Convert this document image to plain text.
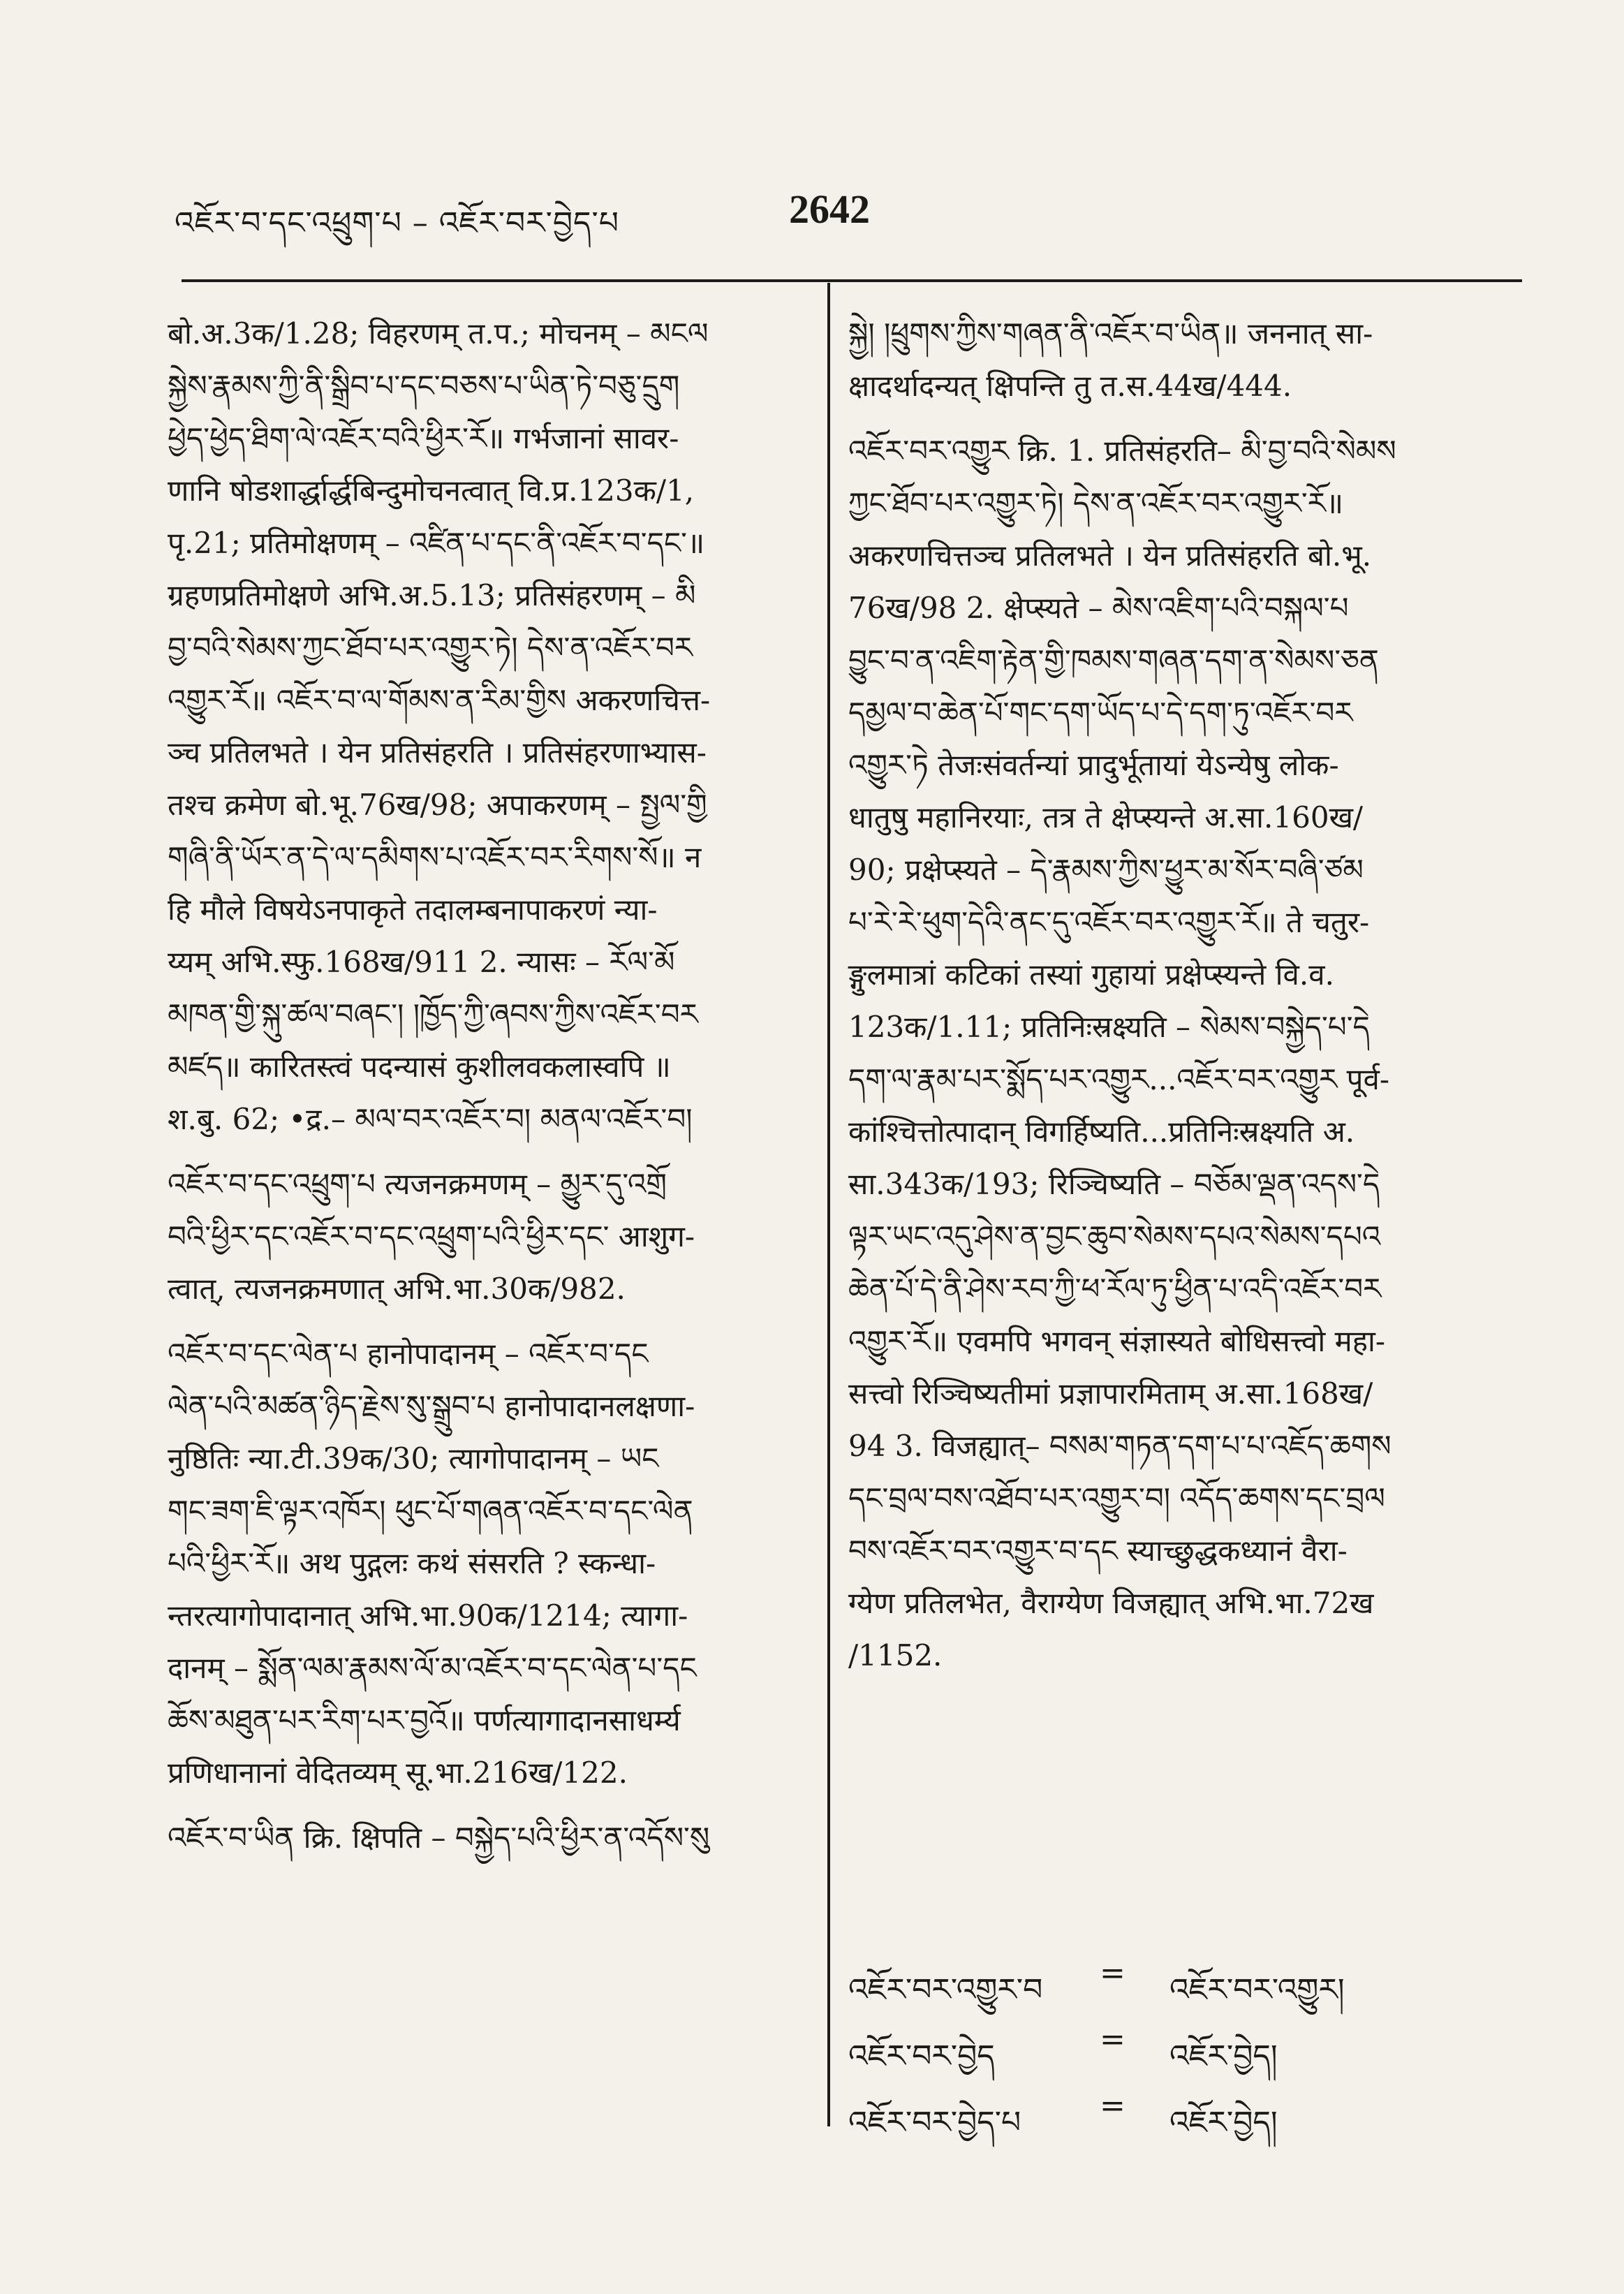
འཇོར་བ་དང་འཕྲུག་པ – འཇོར་བར་བྱེད་པ	2642

बो.अ.3क/1.28; विहरणम् त.प.; मोचनम् – མངལ

སྐྱེས་རྣམས་ཀྱི་ནི་སྒྲིབ་པ་དང་བཅས་པ་ཡིན་ཏེ་བཅུ་དྲུག

ཕྱེད་ཕྱེད་ཐིག་ལེ་འཇོར་བའི་ཕྱིར་རོ॥ गर्भजानां सावर-

णानि षोडशार्द्धार्द्धबिन्दुमोचनत्वात् वि.प्र.123क/1,

पृ.21; प्रतिमोक्षणम् – འཛིན་པ་དང་ནི་འཇོར་བ་དང་॥

ग्रहणप्रतिमोक्षणे अभि.अ.5.13; प्रतिसंहरणम् – མི

བྱ་བའི་སེམས་ཀྱང་ཐོབ་པར་འགྱུར་ཏེ། དེས་ན་འཇོར་བར

འགྱུར་རོ॥ འཇོར་བ་ལ་གོམས་ན་རིམ་གྱིས अकरणचित्त-

ञ्च प्रतिलभते । येन प्रतिसंहरति । प्रतिसंहरणाभ्यास-

तश्च क्रमेण बो.भू.76ख/98; अपाकरणम् – སྤྱལ་གྱི

གཞི་ནི་ཡོར་ན་དེ་ལ་དམིགས་པ་འཇོར་བར་རིགས་སོ॥ न

हि मौले विषयेऽनपाकृते तदालम्बनापाकरणं न्या-

य्यम् अभि.स्फु.168ख/911 2. न्यासः – རོལ་མོ

མཁན་གྱི་སྐུ་ཚལ་བཞང་། །ཁྱོད་ཀྱི་ཞབས་ཀྱིས་འཇོར་བར

མཛད॥ कारितस्त्वं पदन्यासं कुशीलवकलास्वपि ॥

श.बु. 62; •द्र.– མལ་བར་འཇོར་བ། མནལ་འཇོར་བ།

འཇོར་བ་དང་འཕྲུག་པ त्यजनक्रमणम् – མྱུར་དུ་འགྲོ

བའི་ཕྱིར་དང་འཇོར་བ་དང་འཕྲུག་པའི་ཕྱིར་དང་ आशुग-

त्वात्, त्यजनक्रमणात् अभि.भा.30क/982.

འཇོར་བ་དང་ལེན་པ हानोपादानम् – འཇོར་བ་དང

ལེན་པའི་མཚན་ཉིད་རྗེས་སུ་སྒྲུབ་པ हानोपादानलक्षणा-

नुष्ठितिः न्या.टी.39क/30; त्यागोपादानम् – ཡང

གང་ཟག་ཇི་ལྟར་འཁོར། ཕུང་པོ་གཞན་འཇོར་བ་དང་ལེན

པའི་ཕྱིར་རོ॥ अथ पुद्गलः कथं संसरति ? स्कन्धा-

न्तरत्यागोपादानात् अभि.भा.90क/1214; त्यागा-

दानम् – སྨོན་ལམ་རྣམས་ལོ་མ་འཇོར་བ་དང་ལེན་པ་དང

ཆོས་མཐུན་པར་རིག་པར་བྱའོ॥ पर्णत्यागादानसाधर्म्य

प्रणिधानानां वेदितव्यम् सू.भा.216ख/122.

འཇོར་བ་ཡིན क्रि. क्षिपति – བསྐྱེད་པའི་ཕྱིར་ན་འདོས་སུ

སྐྱེ། །ཕྲུགས་ཀྱིས་གཞན་ནི་འཇོར་བ་ཡིན॥ जननात् सा-

क्षादर्थादन्यत् क्षिपन्ति तु त.स.44ख/444.

འཇོར་བར་འགྱུར क्रि. 1. प्रतिसंहरति– མི་བྱ་བའི་སེམས

ཀྱང་ཐོབ་པར་འགྱུར་ཏེ། དེས་ན་འཇོར་བར་འགྱུར་རོ॥

अकरणचित्तञ्च प्रतिलभते । येन प्रतिसंहरति बो.भू.

76ख/98 2. क्षेप्स्यते – མེས་འཇིག་པའི་བསྐལ་པ

བྱུང་བ་ན་འཇིག་རྟེན་གྱི་ཁམས་གཞན་དག་ན་སེམས་ཅན

དམྱལ་བ་ཆེན་པོ་གང་དག་ཡོད་པ་དེ་དག་ཏུ་འཇོར་བར

འགྱུར་ཏེ तेजःसंवर्तन्यां प्रादुर्भूतायां येऽन्येषु लोक-

धातुषु महानिरयाः, तत्र ते क्षेप्स्यन्ते अ.सा.160ख/

90; प्रक्षेप्स्यते – དེ་རྣམས་ཀྱིས་ཕྱུར་མ་སོར་བཞི་ཙམ

པ་རེ་རེ་ཕུག་དེའི་ནང་དུ་འཇོར་བར་འགྱུར་རོ॥ ते चतुर-

ङ्गुलमात्रां कटिकां तस्यां गुहायां प्रक्षेप्स्यन्ते वि.व.

123क/1.11; प्रतिनिःस्रक्ष्यति – སེམས་བསྐྱེད་པ་དེ

དག་ལ་རྣམ་པར་སྨོད་པར་འགྱུར...འཇོར་བར་འགྱུར पूर्व-

कांश्चित्तोत्पादान् विगर्हिष्यति...प्रतिनिःस्रक्ष्यति अ.

सा.343क/193; रिञ्चिष्यति – བཅོམ་ལྡན་འདས་དེ

ལྟར་ཡང་འདུ་ཤེས་ན་བྱང་ཆུབ་སེམས་དཔའ་སེམས་དཔའ

ཆེན་པོ་དེ་ནི་ཤེས་རབ་ཀྱི་ཕ་རོལ་ཏུ་ཕྱིན་པ་འདི་འཇོར་བར

འགྱུར་རོ॥ एवमपि भगवन् संज्ञास्यते बोधिसत्त्वो महा-

सत्त्वो रिञ्चिष्यतीमां प्रज्ञापारमिताम् अ.सा.168ख/

94 3. विजह्यात्– བསམ་གཏན་དག་པ་པ་འཇོད་ཆགས

དང་བྲལ་བས་འཐོབ་པར་འགྱུར་བ། འདོད་ཆགས་དང་བྲལ

བས་འཇོར་བར་འགྱུར་བ་དང स्याच्छुद्धकध्यानं वैरा-

ग्येण प्रतिलभेत, वैराग्येण विजह्यात् अभि.भा.72ख

/1152.

འཇོར་བར་འགྱུར་བ = འཇོར་བར་འགྱུར།
འཇོར་བར་བྱེད	= འཇོར་བྱེད།
འཇོར་བར་བྱེད་པ	= འཇོར་བྱེད།
